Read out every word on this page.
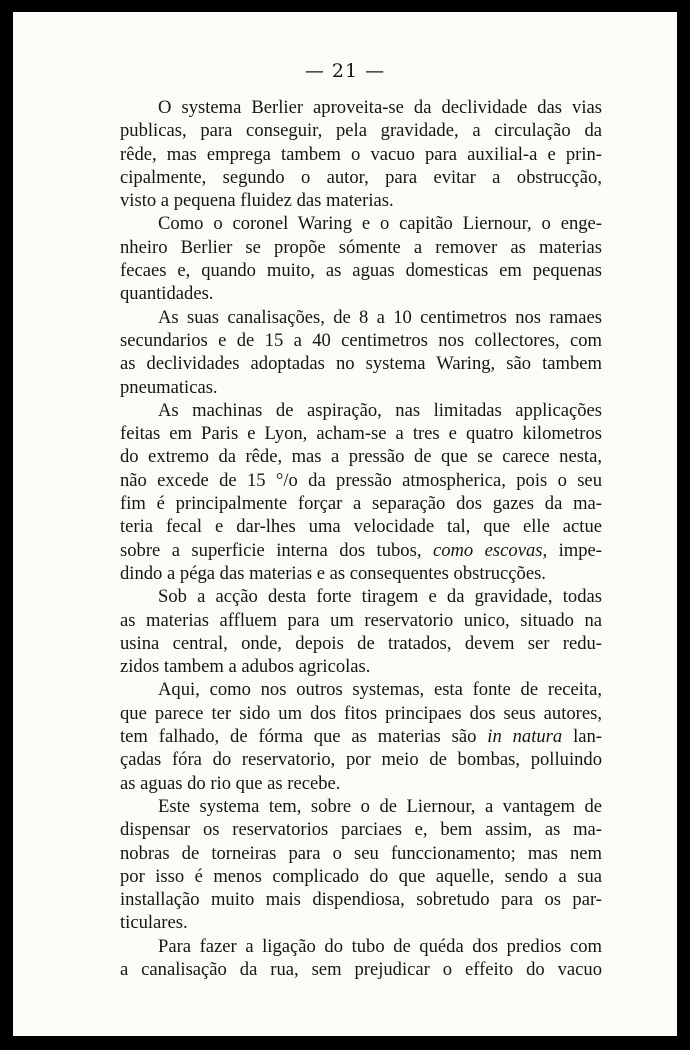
— 21 —

O systema Berlier aproveita-se da declividade das vias
publicas, para conseguir, pela gravidade, a circulação da
rêde, mas emprega tambem o vacuo para auxilial-a e prin-
cipalmente, segundo o autor, para evitar a obstrucção,
visto a pequena fluidez das materias.

Como o coronel Waring e o capitão Liernour, o enge-
nheiro Berlier se propõe sómente a remover as materias
fecaes e, quando muito, as aguas domesticas em pequenas
quantidades.

As suas canalisações, de 8 a 10 centimetros nos ramaes
secundarios e de 15 a 40 centimetros nos collectores, com
as declividades adoptadas no systema Waring, são tambem
pneumaticas.

As machinas de aspiração, nas limitadas applicações
feitas em Paris e Lyon, acham-se a tres e quatro kilometros
do extremo da rêde, mas a pressão de que se carece nesta,
não excede de 15 °/o da pressão atmospherica, pois o seu
fim é principalmente forçar a separação dos gazes da ma-
teria fecal e dar-lhes uma velocidade tal, que elle actue
sobre a superficie interna dos tubos, como escovas, impe-
dindo a péga das materias e as consequentes obstrucções.

Sob a acção desta forte tiragem e da gravidade, todas
as materias affluem para um reservatorio unico, situado na
usina central, onde, depois de tratados, devem ser redu-
zidos tambem a adubos agricolas.

Aqui, como nos outros systemas, esta fonte de receita,
que parece ter sido um dos fitos principaes dos seus autores,
tem falhado, de fórma que as materias são in natura lan-
çadas fóra do reservatorio, por meio de bombas, polluindo
as aguas do rio que as recebe.

Este systema tem, sobre o de Liernour, a vantagem de
dispensar os reservatorios parciaes e, bem assim, as ma-
nobras de torneiras para o seu funccionamento; mas nem
por isso é menos complicado do que aquelle, sendo a sua
installação muito mais dispendiosa, sobretudo para os par-
ticulares.

Para fazer a ligação do tubo de quéda dos predios com
a canalisação da rua, sem prejudicar o effeito do vacuo
